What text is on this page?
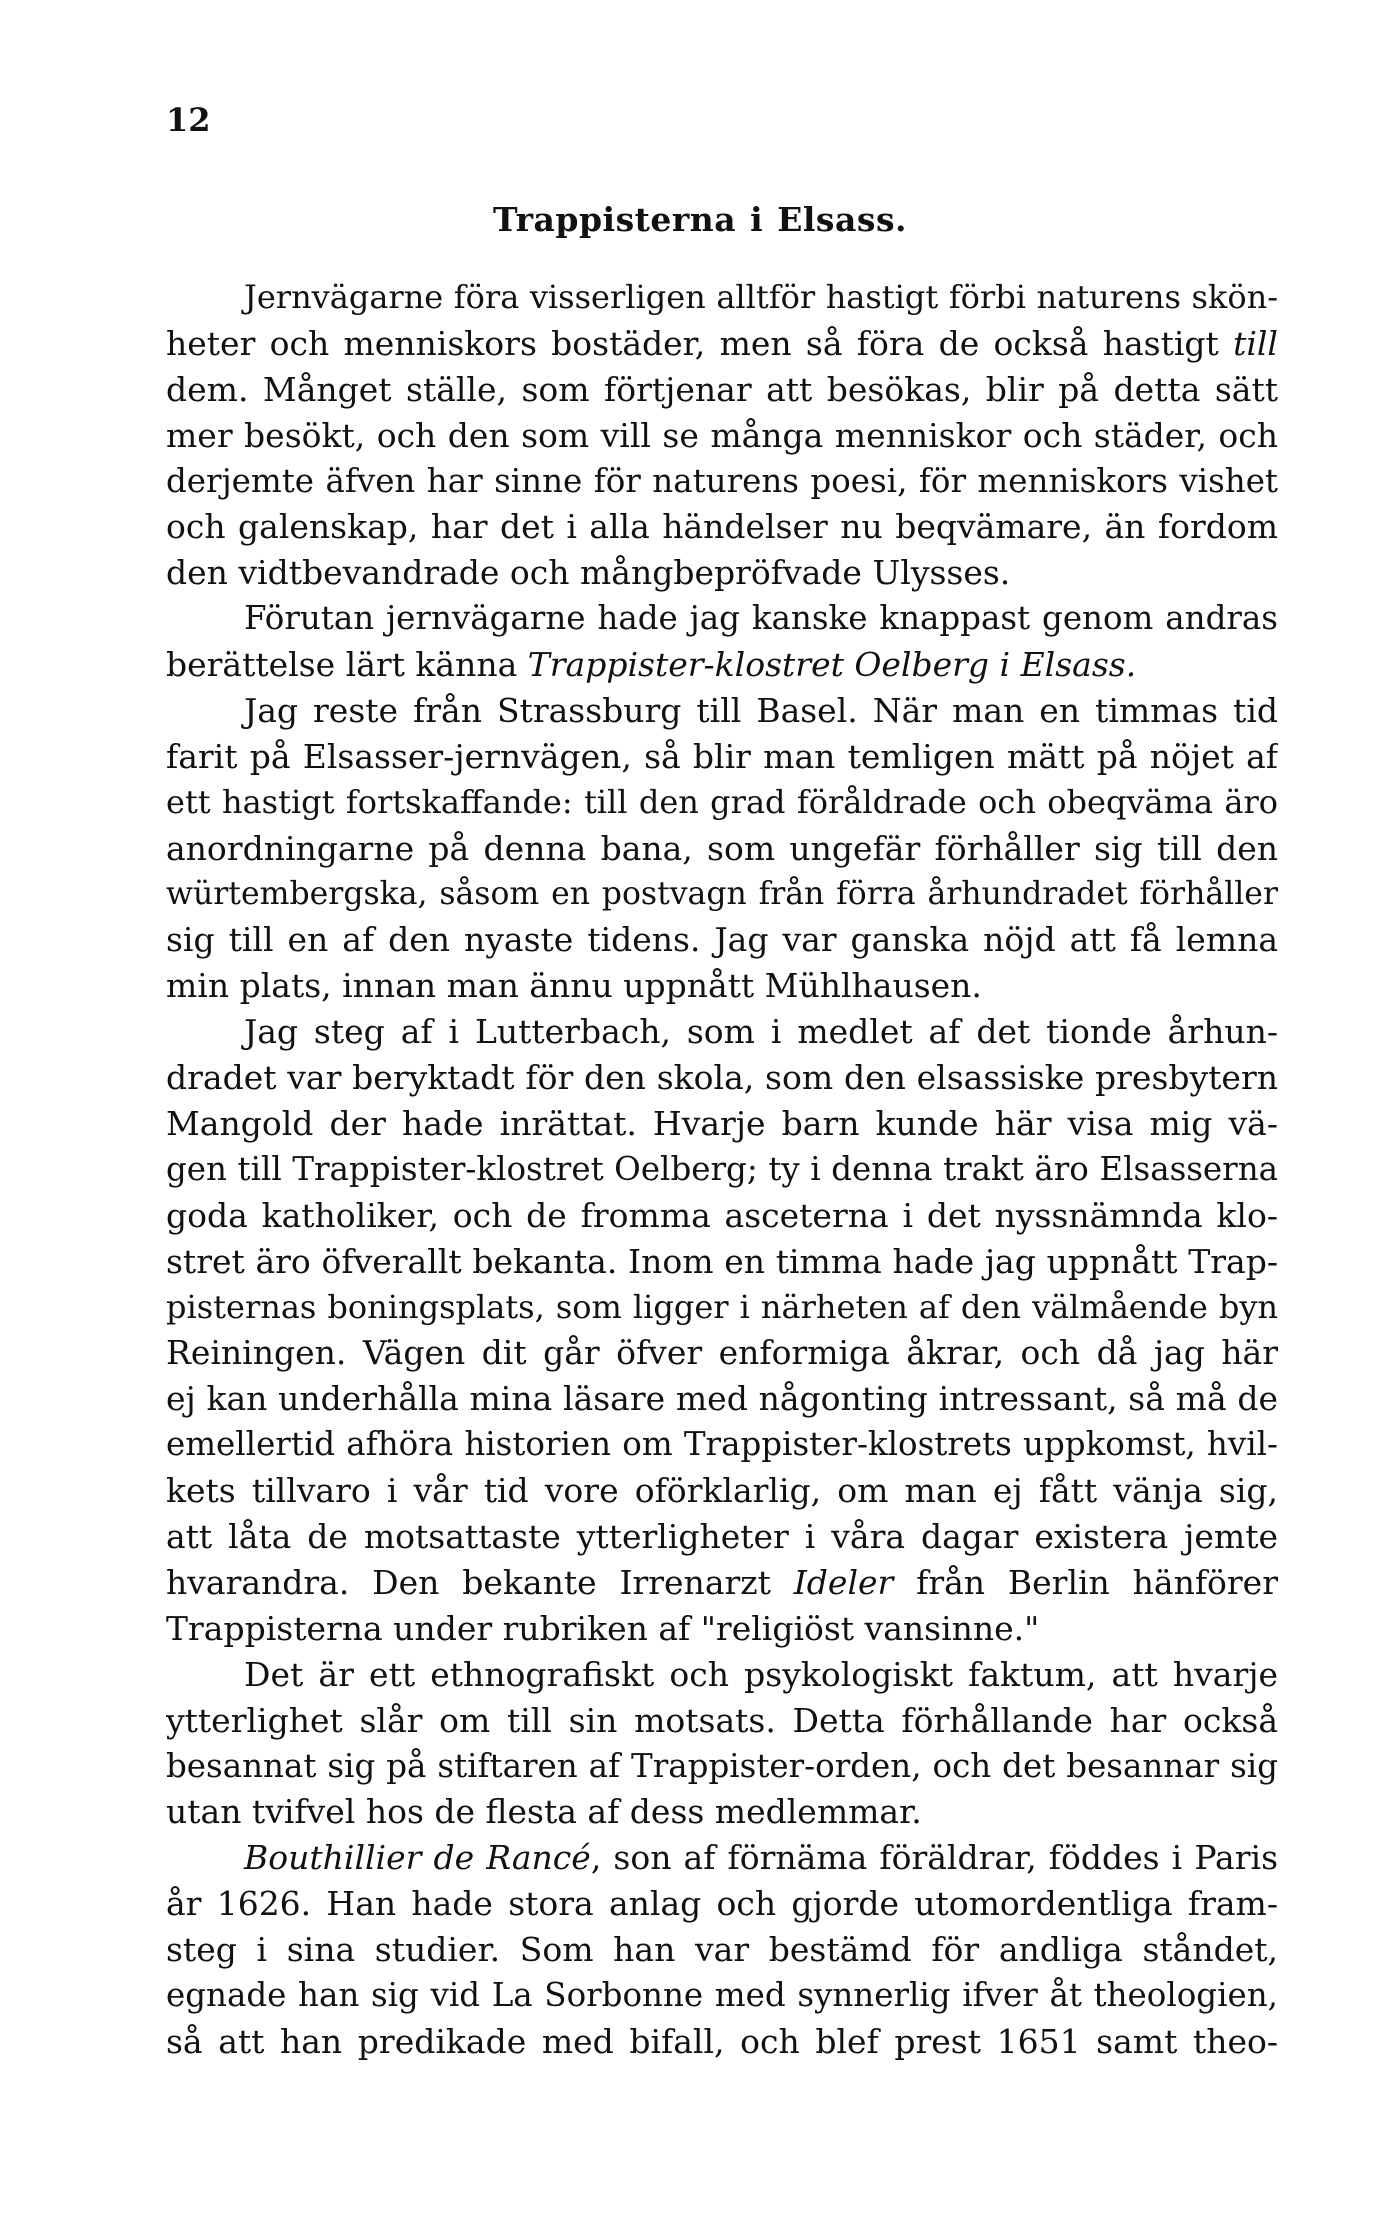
12
Trappisterna i Elsass.
Jernvägarne föra visserligen alltför hastigt förbi naturens skön-
heter och menniskors bostäder, men så föra de också hastigt till
dem. Månget ställe, som förtjenar att besökas, blir på detta sätt
mer besökt, och den som vill se många menniskor och städer, och
derjemte äfven har sinne för naturens poesi, för menniskors vishet
och galenskap, har det i alla händelser nu beqvämare, än fordom
den vidtbevandrade och mångbepröfvade Ulysses.
Förutan jernvägarne hade jag kanske knappast genom andras
berättelse lärt känna Trappister-klostret Oelberg i Elsass.
Jag reste från Strassburg till Basel. När man en timmas tid
farit på Elsasser-jernvägen, så blir man temligen mätt på nöjet af
ett hastigt fortskaffande: till den grad föråldrade och obeqväma äro
anordningarne på denna bana, som ungefär förhåller sig till den
würtembergska, såsom en postvagn från förra århundradet förhåller
sig till en af den nyaste tidens. Jag var ganska nöjd att få lemna
min plats, innan man ännu uppnått Mühlhausen.
Jag steg af i Lutterbach, som i medlet af det tionde århun-
dradet var beryktadt för den skola, som den elsassiske presbytern
Mangold der hade inrättat. Hvarje barn kunde här visa mig vä-
gen till Trappister-klostret Oelberg; ty i denna trakt äro Elsasserna
goda katholiker, och de fromma asceterna i det nyssnämnda klo-
stret äro öfverallt bekanta. Inom en timma hade jag uppnått Trap-
pisternas boningsplats, som ligger i närheten af den välmående byn
Reiningen. Vägen dit går öfver enformiga åkrar, och då jag här
ej kan underhålla mina läsare med någonting intressant, så må de
emellertid afhöra historien om Trappister-klostrets uppkomst, hvil-
kets tillvaro i vår tid vore oförklarlig, om man ej fått vänja sig,
att låta de motsattaste ytterligheter i våra dagar existera jemte
hvarandra. Den bekante Irrenarzt Ideler från Berlin hänförer
Trappisterna under rubriken af "religiöst vansinne."
Det är ett ethnografiskt och psykologiskt faktum, att hvarje
ytterlighet slår om till sin motsats. Detta förhållande har också
besannat sig på stiftaren af Trappister-orden, och det besannar sig
utan tvifvel hos de flesta af dess medlemmar.
Bouthillier de Rancé, son af förnäma föräldrar, föddes i Paris
år 1626. Han hade stora anlag och gjorde utomordentliga fram-
steg i sina studier. Som han var bestämd för andliga ståndet,
egnade han sig vid La Sorbonne med synnerlig ifver åt theologien,
så att han predikade med bifall, och blef prest 1651 samt theo-
